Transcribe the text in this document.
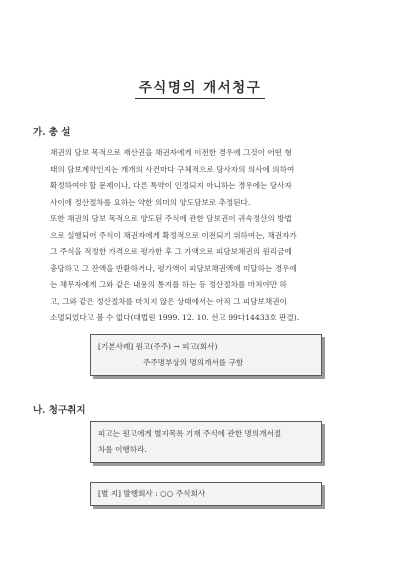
주식명의 개서청구
가. 총 설
채권의 담보 목적으로 재산권을 채권자에게 이전한 경우에 그것이 어떤 형
태의 담보계약인지는 개개의 사건마다 구체적으로 당사자의 의사에 의하여
확정하여야 할 문제이나, 다른 특약이 인정되지 아니하는 경우에는 당사자
사이에 정산절차를 요하는 약한 의미의 양도담보로 추정된다.
또한 채권의 담보 목적으로 양도된 주식에 관한 담보권이 귀속정산의 방법
으로 실행되어 주식이 채권자에게 확정적으로 이전되기 위하여는, 채권자가
그 주식을 적정한 가격으로 평가한 후 그 가액으로 피담보채권의 원리금에
충당하고 그 잔액을 반환하거나, 평가액이 피담보채권액에 미달하는 경우에
는 채무자에게 그와 같은 내용의 통지를 하는 등 정산절차를 마쳐야만 하
고, 그와 같은 정산절차를 마치지 않은 상태에서는 아직 그 피담보채권이
소멸되었다고 볼 수 없다(대법원 1999. 12. 10. 선고 99다14433호 판결).
[기본사례] 원고(주주) → 피고(회사)
주주명부상의 명의개서를 구함
나. 청구취지
피고는 원고에게 별지목록 기재 주식에 관한 명의개서절
차를 이행하라.
[별 지] 발행회사 : ○○ 주식회사
